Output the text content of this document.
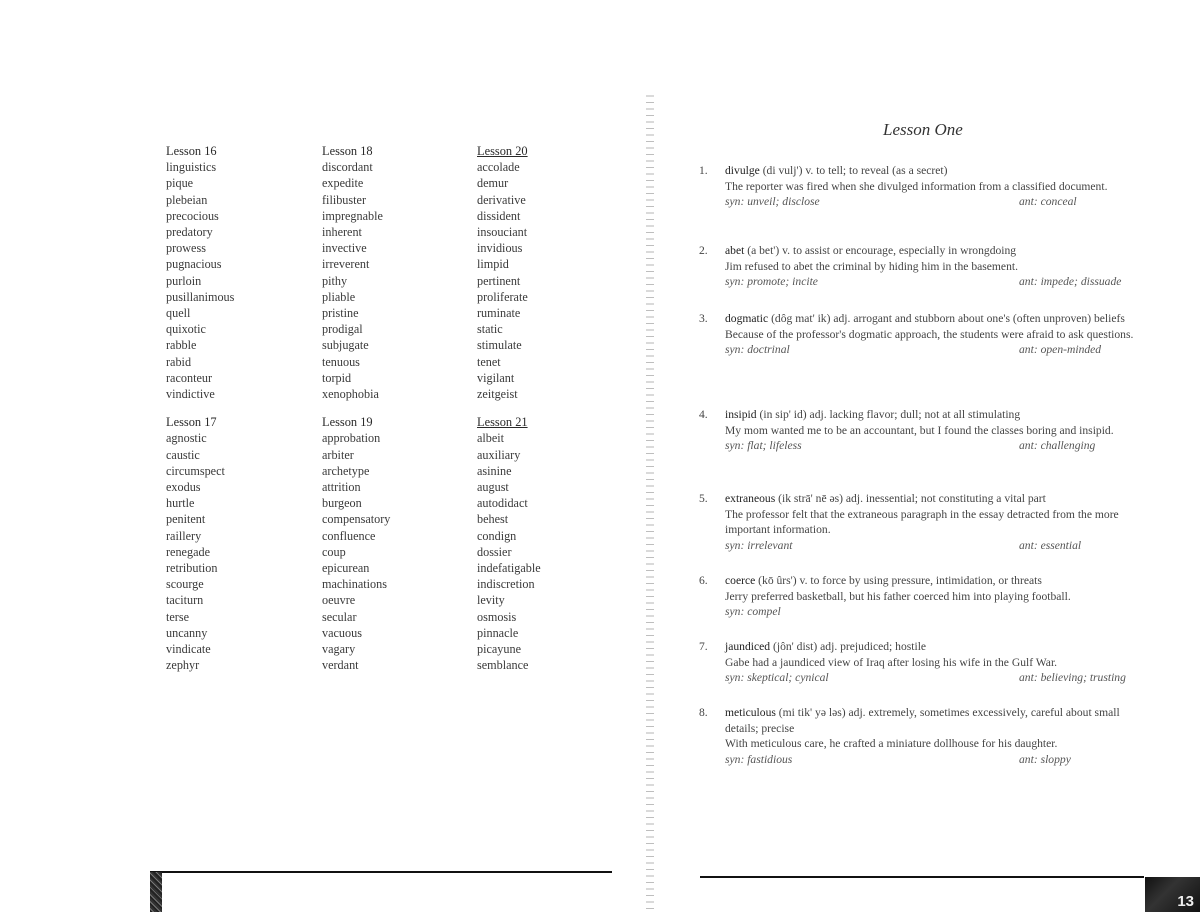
Lesson 16
linguistics
pique
plebeian
precocious
predatory
prowess
pugnacious
purloin
pusillanimous
quell
quixotic
rabble
rabid
raconteur
vindictive
Lesson 17
agnostic
caustic
circumspect
exodus
hurtle
penitent
raillery
renegade
retribution
scourge
taciturn
terse
uncanny
vindicate
zephyr
Lesson 18
discordant
expedite
filibuster
impregnable
inherent
invective
irreverent
pithy
pliable
pristine
prodigal
subjugate
tenuous
torpid
xenophobia
Lesson 19
approbation
arbiter
archetype
attrition
burgeon
compensatory
confluence
coup
epicurean
machinations
oeuvre
secular
vacuous
vagary
verdant
Lesson 20
accolade
demur
derivative
dissident
insouciant
invidious
limpid
pertinent
proliferate
ruminate
static
stimulate
tenet
vigilant
zeitgeist
Lesson 21
albeit
auxiliary
asinine
august
autodidact
behest
condign
dossier
indefatigable
indiscretion
levity
osmosis
pinnacle
picayune
semblance
Lesson One
1.	divulge (di vulj') v. to tell; to reveal (as a secret)
The reporter was fired when she divulged information from a classified document.
syn: unveil; disclose	ant: conceal
2.	abet (a bet') v. to assist or encourage, especially in wrongdoing
Jim refused to abet the criminal by hiding him in the basement.
syn: promote; incite	ant: impede; dissuade
3.	dogmatic (dôg mat' ik) adj. arrogant and stubborn about one's (often unproven) beliefs
Because of the professor's dogmatic approach, the students were afraid to ask questions.
syn: doctrinal	ant: open-minded
4.	insipid (in sip' id) adj. lacking flavor; dull; not at all stimulating
My mom wanted me to be an accountant, but I found the classes boring and insipid.
syn: flat; lifeless	ant: challenging
5.	extraneous (ik strā' nē əs) adj. inessential; not constituting a vital part
The professor felt that the extraneous paragraph in the essay detracted from the more important information.
syn: irrelevant	ant: essential
6.	coerce (kō ûrs') v. to force by using pressure, intimidation, or threats
Jerry preferred basketball, but his father coerced him into playing football.
syn: compel
7.	jaundiced (jôn' dist) adj. prejudiced; hostile
Gabe had a jaundiced view of Iraq after losing his wife in the Gulf War.
syn: skeptical; cynical	ant: believing; trusting
8.	meticulous (mi tik' yə ləs) adj. extremely, sometimes excessively, careful about small details; precise
With meticulous care, he crafted a miniature dollhouse for his daughter.
syn: fastidious	ant: sloppy
13
